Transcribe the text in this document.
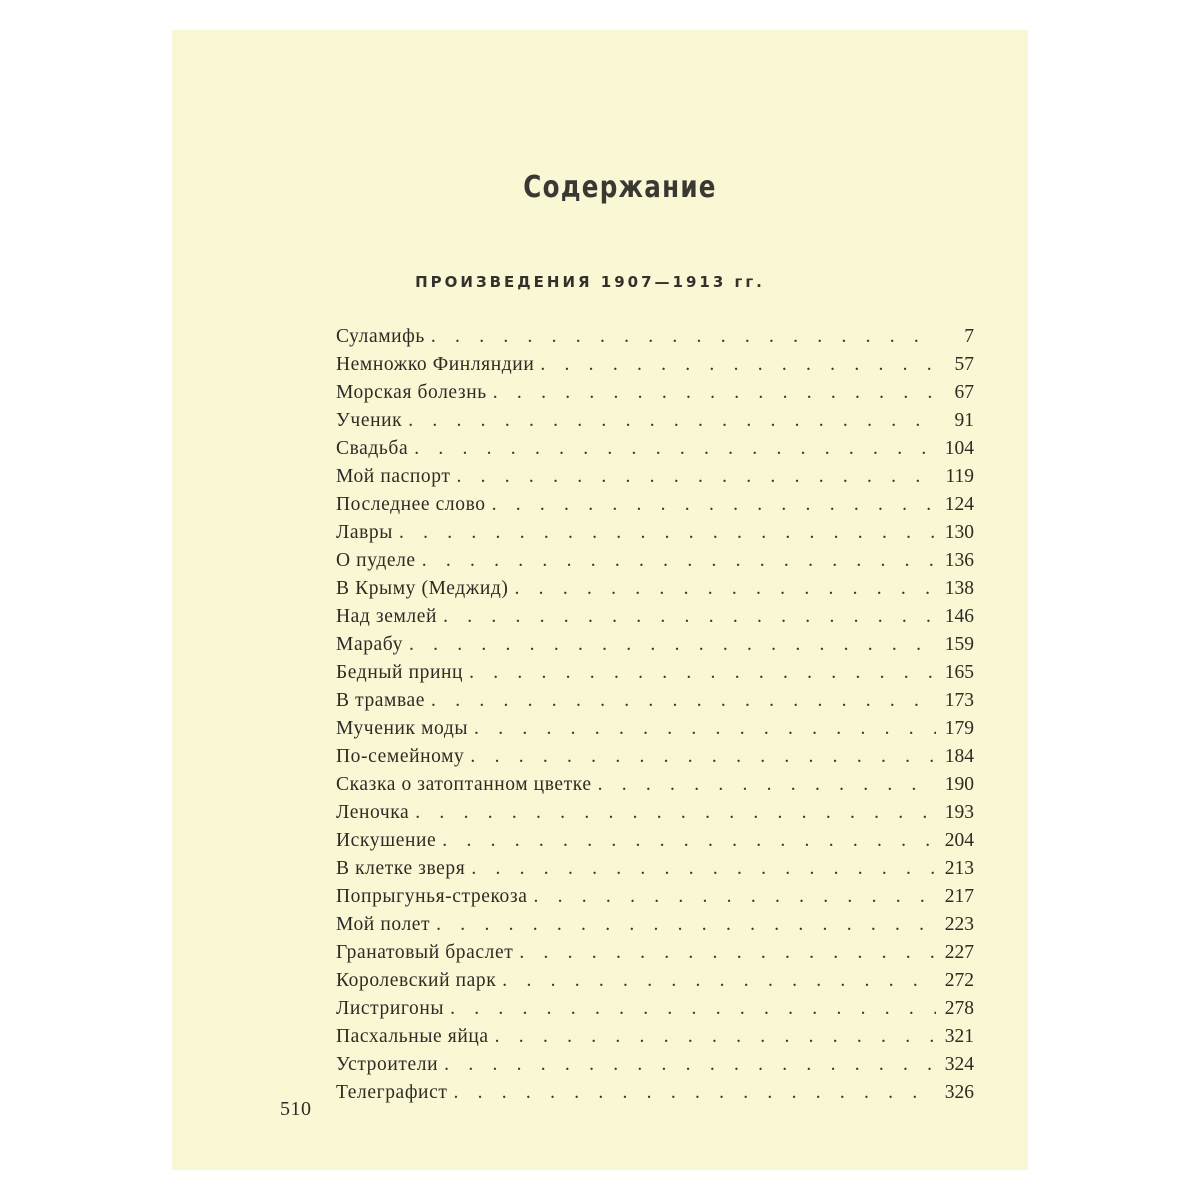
Содержание
ПРОИЗВЕДЕНИЯ 1907—1913 гг.
Суламифь . . .	7
Немножко Финляндии . . .	57
Морская болезнь . . .	67
Ученик . . .	91
Свадьба . . .	104
Мой паспорт . . .	119
Последнее слово . . .	124
Лавры . . .	130
О пуделе . . .	136
В Крыму (Меджид) . . .	138
Над землей . . .	146
Марабу . . .	159
Бедный принц . . .	165
В трамвае . . .	173
Мученик моды . . .	179
По-семейному . . .	184
Сказка о затоптанном цветке . . .	190
Леночка . . .	193
Искушение . . .	204
В клетке зверя . . .	213
Попрыгунья-стрекоза . . .	217
Мой полет . . .	223
Гранатовый браслет . . .	227
Королевский парк . . .	272
Листригоны . . .	278
Пасхальные яйца . . .	321
Устроители . . .	324
Телеграфист . . .	326
510
